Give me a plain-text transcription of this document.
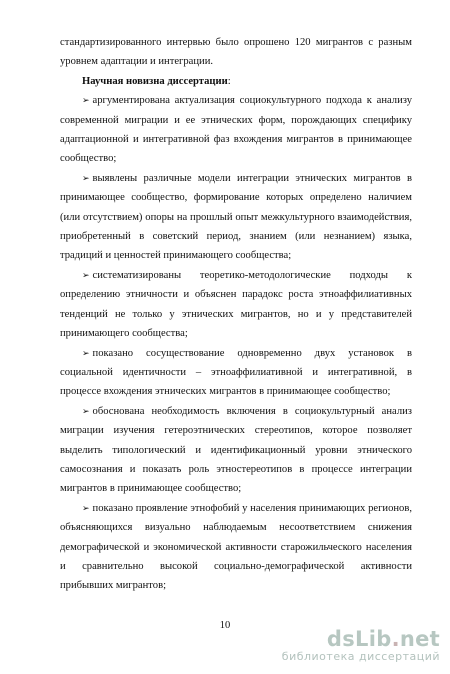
стандартизированного интервью было опрошено 120 мигрантов с разным уровнем адаптации и интеграции.

Научная новизна диссертации:

➢ аргументирована актуализация социокультурного подхода к анализу современной миграции и ее этнических форм, порождающих специфику адаптационной и интегративной фаз вхождения мигрантов в принимающее сообщество;

➢ выявлены различные модели интеграции этнических мигрантов в принимающее сообщество, формирование которых определено наличием (или отсутствием) опоры на прошлый опыт межкультурного взаимодействия, приобретенный в советский период, знанием (или незнанием) языка, традиций и ценностей принимающего сообщества;

➢ систематизированы теоретико-методологические подходы к определению этничности и объяснен парадокс роста этноаффилиативных тенденций не только у этнических мигрантов, но и у представителей принимающего сообщества;

➢ показано сосуществование одновременно двух установок в социальной идентичности – этноаффилиативной и интегративной, в процессе вхождения этнических мигрантов в принимающее сообщество;

➢ обоснована необходимость включения в социокультурный анализ миграции изучения гетероэтнических стереотипов, которое позволяет выделить типологический и идентификационный уровни этнического самосознания и показать роль этностереотипов в процессе интеграции мигрантов в принимающее сообщество;

➢ показано проявление этнофобий у населения принимающих регионов, объясняющихся визуально наблюдаемым несоответствием снижения демографической и экономической активности старожильческого населения и сравнительно высокой социально-демографической активности прибывших мигрантов;

10
dsLib.net
библиотека диссертаций
